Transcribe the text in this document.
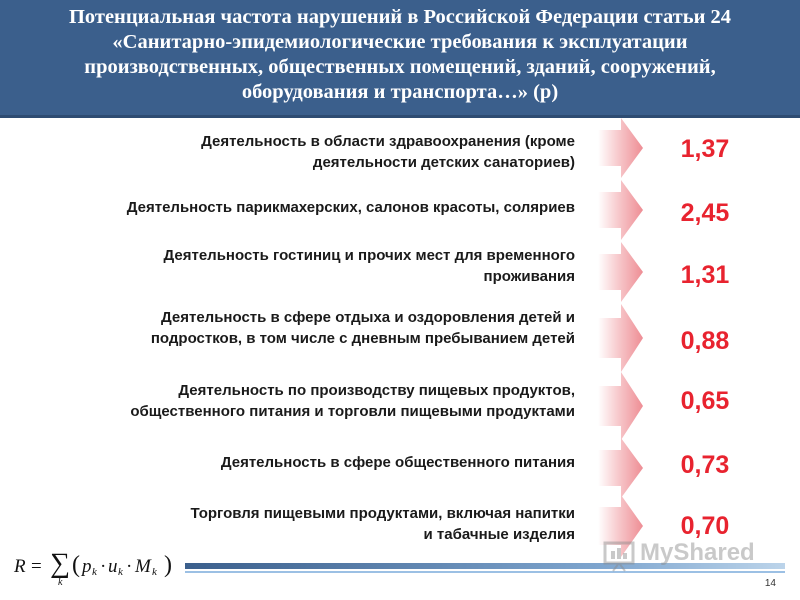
Потенциальная частота нарушений в Российской Федерации статьи 24

«Санитарно-эпидемиологические требования к эксплуатации

производственных, общественных помещений, зданий, сооружений,

оборудования и транспорта…» (p)

Деятельность в области здравоохранения (кроме
деятельности детских санаториев)	1,37
Деятельность парикмахерских, салонов красоты, соляриев	2,45
Деятельность гостиниц и прочих мест для временного
проживания	1,31
Деятельность в сфере отдыха и оздоровления детей и
подростков, в том числе с дневным пребыванием детей	0,88
Деятельность по производству пищевых продуктов,
общественного питания и торговли пищевыми продуктами	0,65
Деятельность в сфере общественного питания	0,73
Торговля пищевыми продуктами, включая напитки
и табачные изделия	0,70
R = ∑
k
( p k · u k · M k )	MyShared
14
